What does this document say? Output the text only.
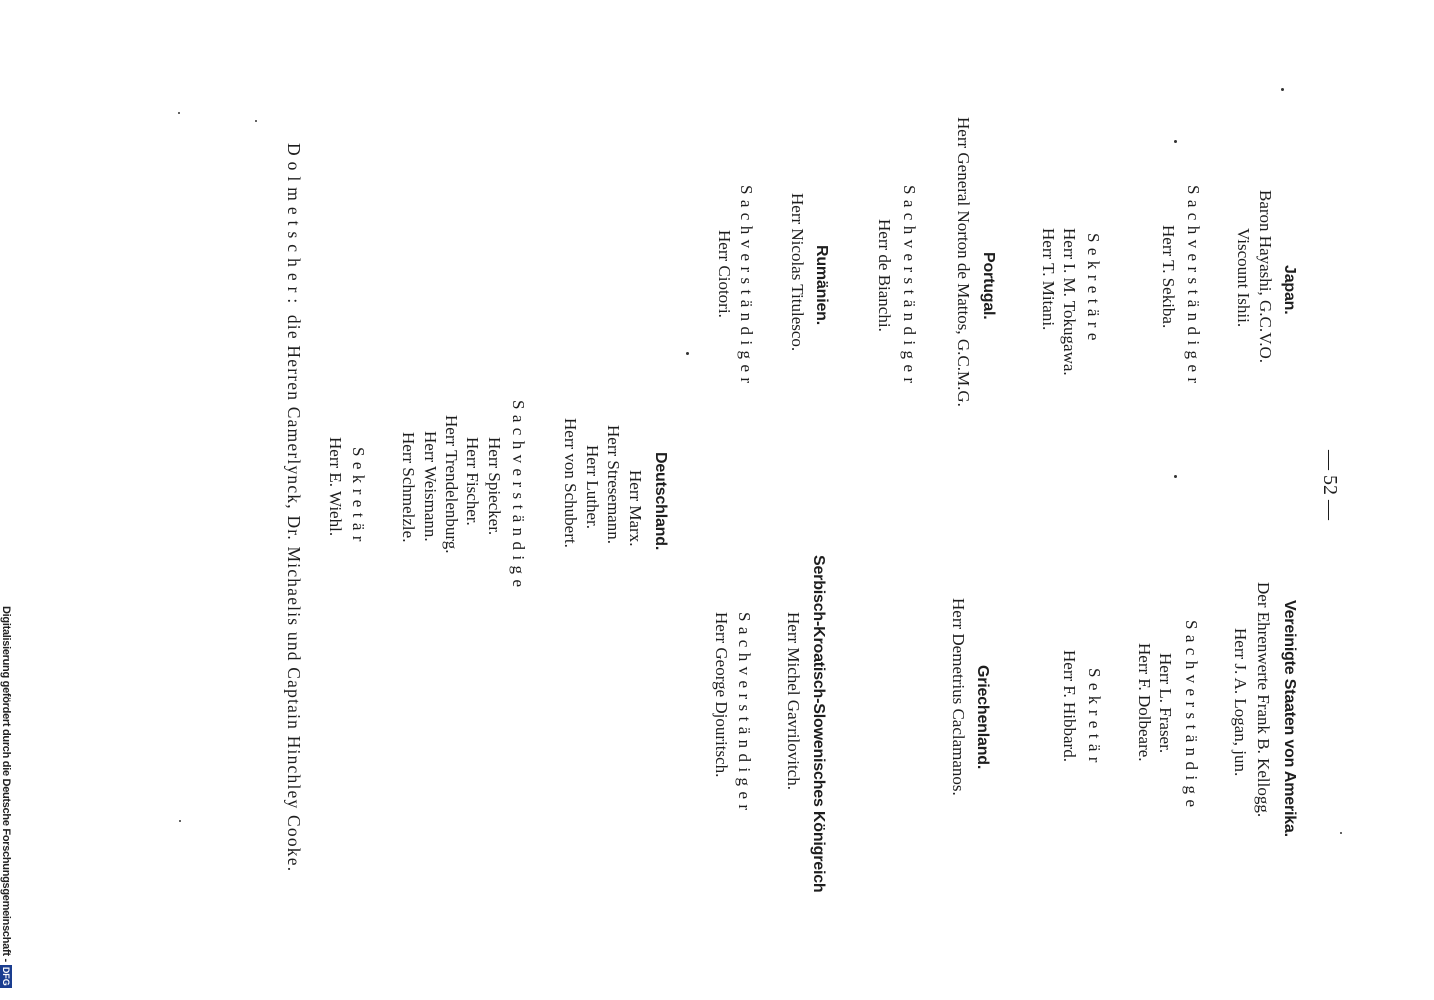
— 52 —
Japan.
Baron Hayashi, G.C.V.O.
Viscount Ishii.
Sachverständiger
Herr T. Sekiba.
Sekretäre
Herr I. M. Tokugawa.
Herr T. Mitani.
Portugal.
Herr General Norton de Mattos, G.C.M.G.
Sachverständiger
Herr de Bianchi.
Rumänien.
Herr Nicolas Titulesco.
Sachverständiger
Herr Ciotori.
Deutschland.
Herr Marx.
Herr Stresemann.
Herr Luther.
Herr von Schubert.
Sachverständige
Herr Spiecker.
Herr Fischer.
Herr Trendelenburg.
Herr Weismann.
Herr Schmelzle.
Sekretär
Herr E. Wiehl.
Vereinigte Staaten von Amerika.
Der Ehrenwerte Frank B. Kellogg.
Herr J. A. Logan, jun.
Sachverständige
Herr L. Fraser.
Herr F. Dolbeare.
Sekretär
Herr F. Hibbard.
Griechenland.
Herr Demetrius Caclamanos.
Serbisch-Kroatisch-Slowenisches Königreich
Herr Michel Gavrilovitch.
Sachverständiger
Herr George Djouritsch.
Dolmetscher: die Herren Camerlynck, Dr. Michaelis und Captain Hinchley Cooke.
Digitalisierung gefördert durch die Deutsche Forschungsgemeinschaft -
DFG
